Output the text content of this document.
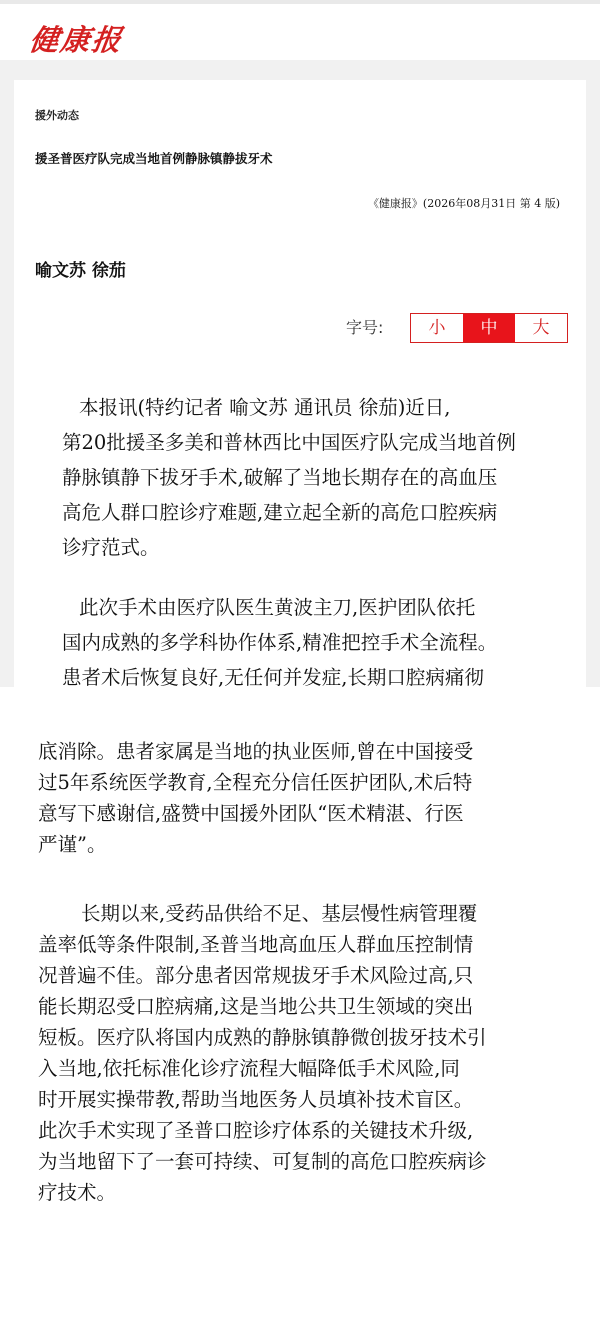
健康报
援外动态
援圣普医疗队完成当地首例静脉镇静拔牙术
《健康报》(2026年08月31日 第 4 版)
喻文苏 徐茄
字号:	小	中	大
本报讯(特约记者 喻文苏 通讯员 徐茄)近日,
第20批援圣多美和普林西比中国医疗队完成当地首例
静脉镇静下拔牙手术,破解了当地长期存在的高血压
高危人群口腔诊疗难题,建立起全新的高危口腔疾病
诊疗范式。
此次手术由医疗队医生黄波主刀,医护团队依托
国内成熟的多学科协作体系,精准把控手术全流程。
患者术后恢复良好,无任何并发症,长期口腔病痛彻
底消除。患者家属是当地的执业医师,曾在中国接受
过5年系统医学教育,全程充分信任医护团队,术后特
意写下感谢信,盛赞中国援外团队“医术精湛、行医
严谨”。
长期以来,受药品供给不足、基层慢性病管理覆
盖率低等条件限制,圣普当地高血压人群血压控制情
况普遍不佳。部分患者因常规拔牙手术风险过高,只
能长期忍受口腔病痛,这是当地公共卫生领域的突出
短板。医疗队将国内成熟的静脉镇静微创拔牙技术引
入当地,依托标准化诊疗流程大幅降低手术风险,同
时开展实操带教,帮助当地医务人员填补技术盲区。
此次手术实现了圣普口腔诊疗体系的关键技术升级,
为当地留下了一套可持续、可复制的高危口腔疾病诊
疗技术。
